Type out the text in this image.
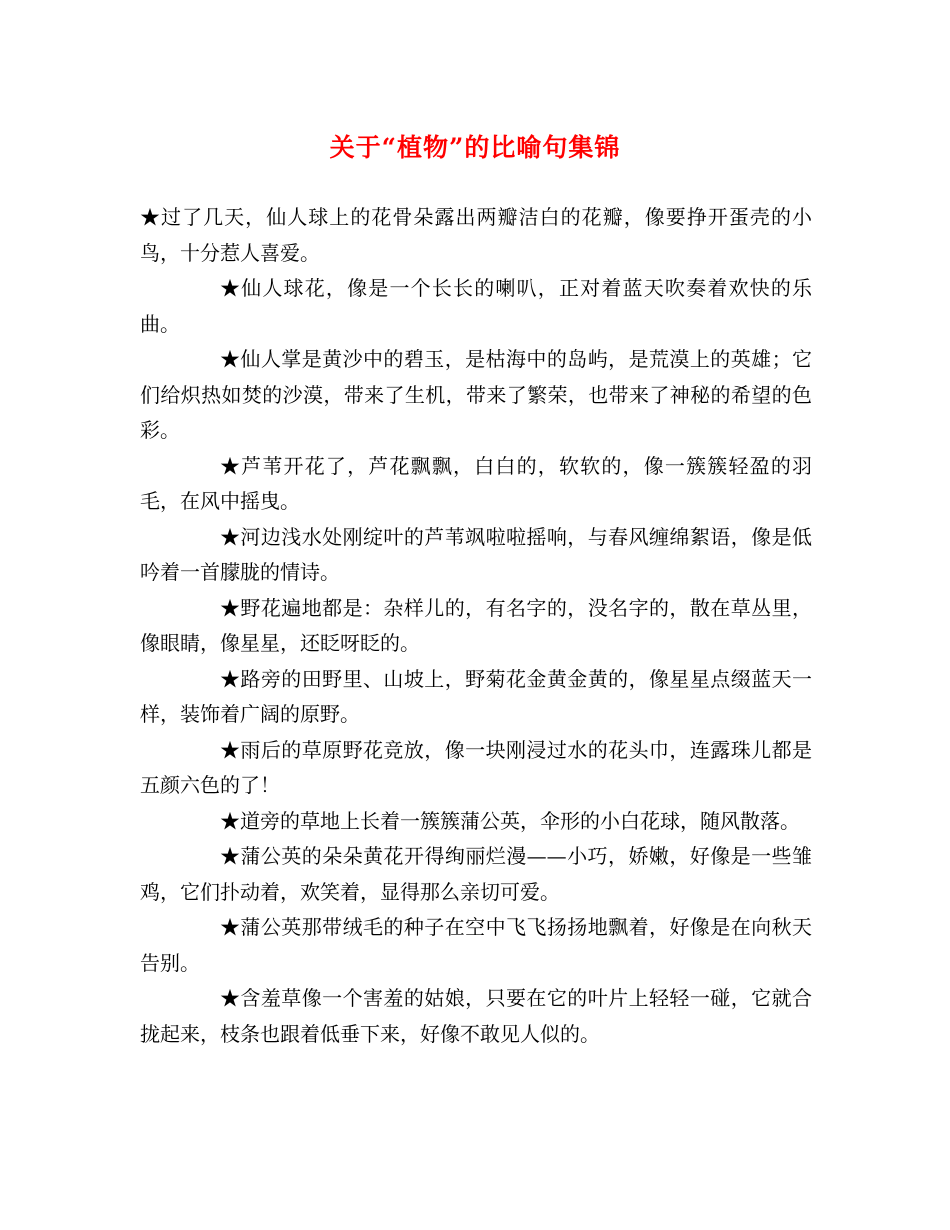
关于“植物”的比喻句集锦

★过了几天，仙人球上的花骨朵露出两瓣洁白的花瓣，像要挣开蛋壳的小鸟，十分惹人喜爱。

★仙人球花，像是一个长长的喇叭，正对着蓝天吹奏着欢快的乐曲。

★仙人掌是黄沙中的碧玉，是枯海中的岛屿，是荒漠上的英雄；它们给炽热如焚的沙漠，带来了生机，带来了繁荣，也带来了神秘的希望的色彩。

★芦苇开花了，芦花飘飘，白白的，软软的，像一簇簇轻盈的羽毛，在风中摇曳。

★河边浅水处刚绽叶的芦苇飒啦啦摇响，与春风缠绵絮语，像是低吟着一首朦胧的情诗。

★野花遍地都是：杂样儿的，有名字的，没名字的，散在草丛里，像眼睛，像星星，还眨呀眨的。

★路旁的田野里、山坡上，野菊花金黄金黄的，像星星点缀蓝天一样，装饰着广阔的原野。

★雨后的草原野花竞放，像一块刚浸过水的花头巾，连露珠儿都是五颜六色的了！

★道旁的草地上长着一簇簇蒲公英，伞形的小白花球，随风散落。

★蒲公英的朵朵黄花开得绚丽烂漫——小巧，娇嫩，好像是一些雏鸡，它们扑动着，欢笑着，显得那么亲切可爱。

★蒲公英那带绒毛的种子在空中飞飞扬扬地飘着，好像是在向秋天告别。

★含羞草像一个害羞的姑娘，只要在它的叶片上轻轻一碰，它就合拢起来，枝条也跟着低垂下来，好像不敢见人似的。
